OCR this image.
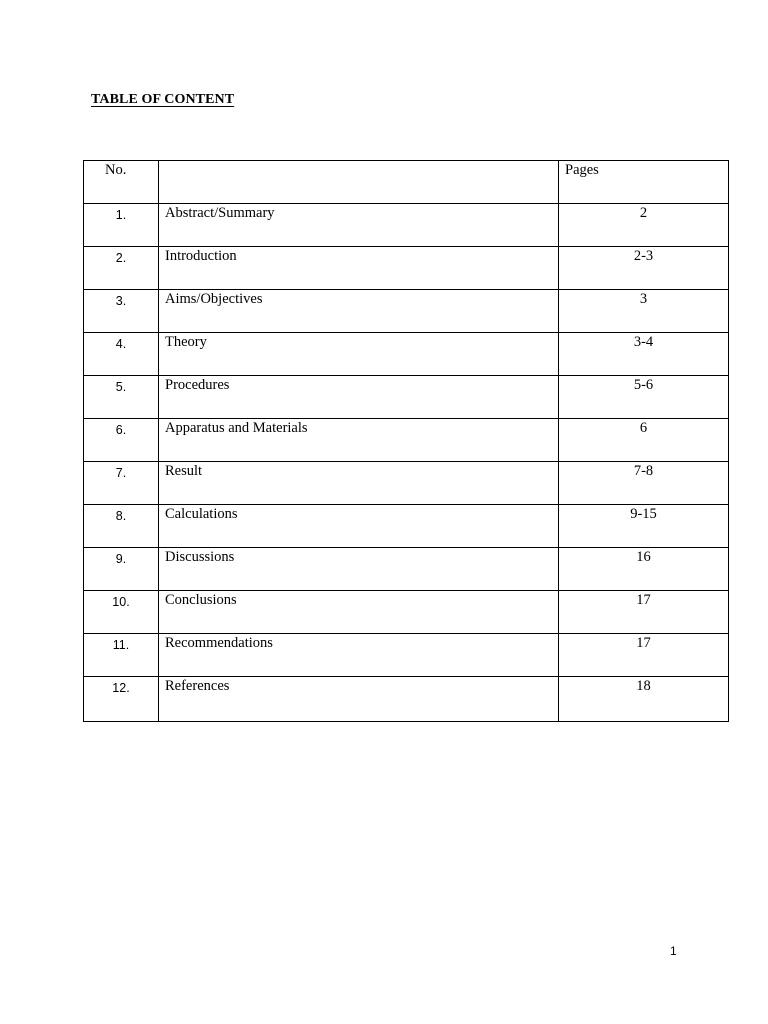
TABLE OF CONTENT
No.		Pages
1.	Abstract/Summary	2
2.	Introduction	2-3
3.	Aims/Objectives	3
4.	Theory	3-4
5.	Procedures	5-6
6.	Apparatus and Materials	6
7.	Result	7-8
8.	Calculations	9-15
9.	Discussions	16
10.	Conclusions	17
11.	Recommendations	17
12.	References	18
1
